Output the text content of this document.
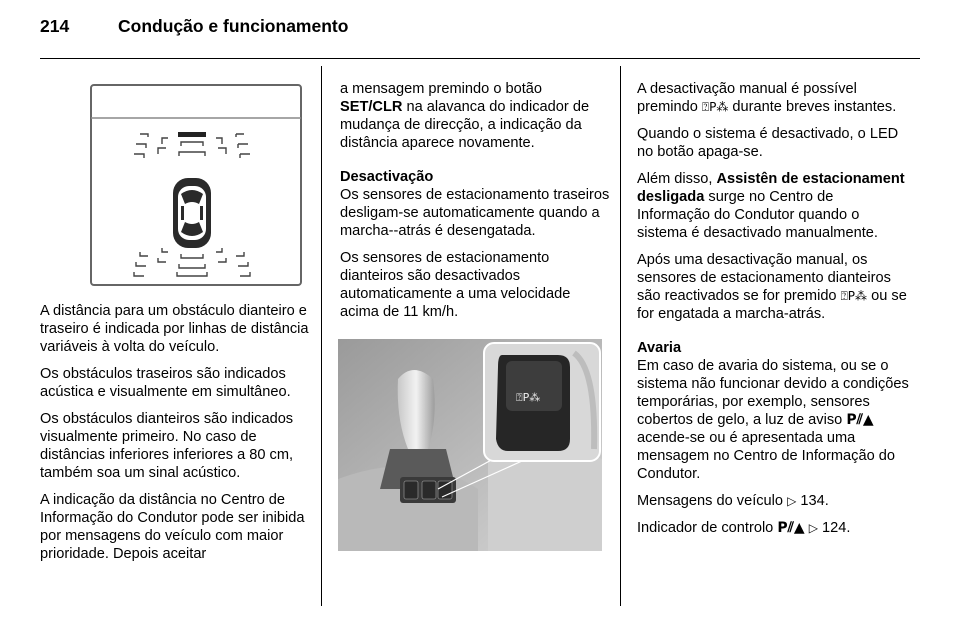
214	Condução e funcionamento

A distância para um obstáculo dianteiro e traseiro é indicada por linhas de distância variáveis à volta do veículo.

Os obstáculos traseiros são indicados acústica e visualmente em simultâneo.

Os obstáculos dianteiros são indicados visualmente primeiro. No caso de distâncias inferiores inferiores a 80 cm, também soa um sinal acústico.

A indicação da distância no Centro de Informação do Condutor pode ser inibida por mensagens do veículo com maior prioridade. Depois aceitar

a mensagem premindo o botão
SET/CLR na alavanca do indicador de mudança de direcção, a indicação da distância aparece novamente.

Desactivação

Os sensores de estacionamento traseiros desligam-se automaticamente quando a marcha--atrás é desengatada.

Os sensores de estacionamento dianteiros são desactivados automaticamente a uma velocidade acima de 11 km/h.

⍰P⁂

A desactivação manual é possível premindo ⍰P⁂ durante breves instantes.

Quando o sistema é desactivado, o LED no botão apaga-se.

Além disso, Assistên de estacionament desligada surge no Centro de Informação do Condutor quando o sistema é desactivado manualmente.

Após uma desactivação manual, os sensores de estacionamento dianteiros são reactivados se for premido ⍰P⁂ ou se for engatada a marcha-atrás.

Avaria

Em caso de avaria do sistema, ou se o sistema não funcionar devido a condições temporárias, por exemplo, sensores cobertos de gelo, a luz de aviso P⫽▲ acende-se ou é apresentada uma mensagem no Centro de Informação do Condutor.

Mensagens do veículo ▷ 134.

Indicador de controlo P⫽▲ ▷ 124.
